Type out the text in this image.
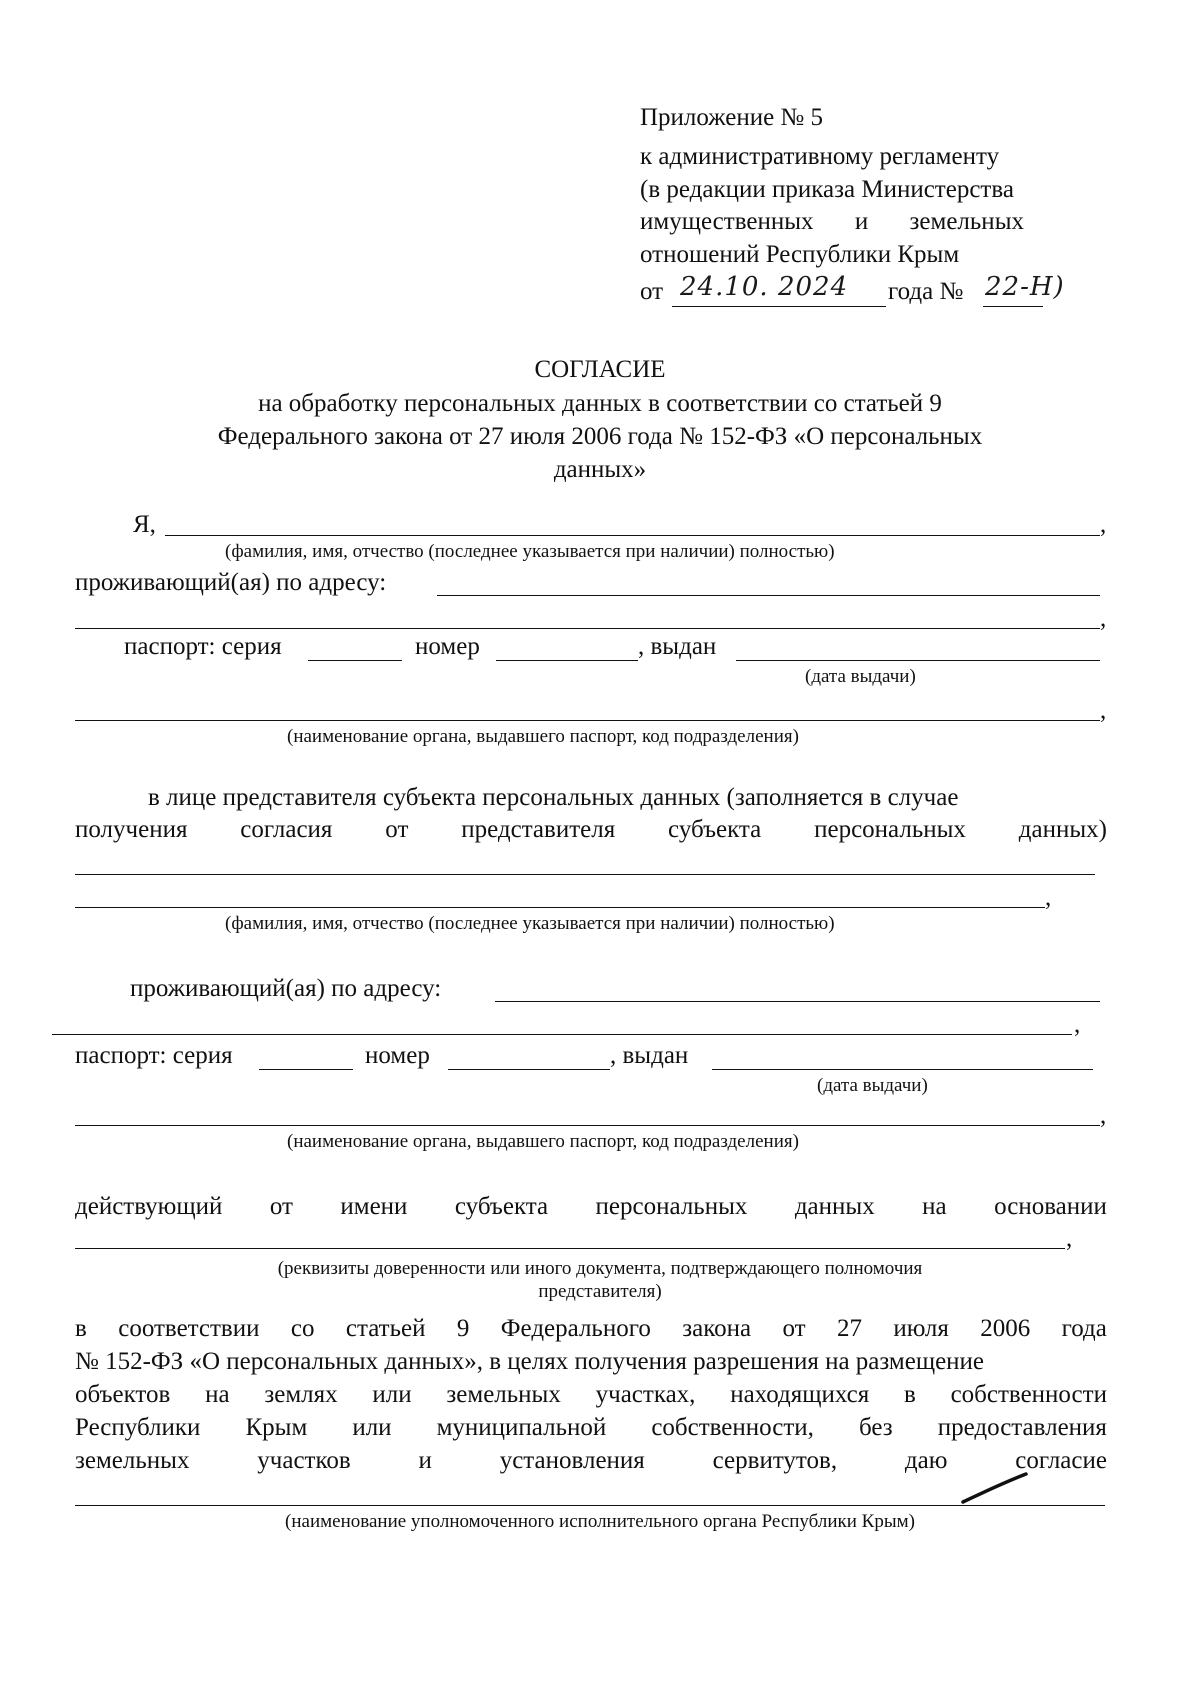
Приложение № 5
к административному регламенту
(в редакции приказа Министерства
имущественных и земельных
отношений Республики Крым
от 24.10. 2024 года № 22-Н)
СОГЛАСИЕ
на обработку персональных данных в соответствии со статьей 9
Федерального закона от 27 июля 2006 года № 152-ФЗ «О персональных
данных»
Я,	,
(фамилия, имя, отчество (последнее указывается при наличии) полностью)
проживающий(ая) по адресу:
,
паспорт: серия	номер	, выдан
(дата выдачи)
,
(наименование органа, выдавшего паспорт, код подразделения)
в лице представителя субъекта персональных данных (заполняется в случае
получения согласия от представителя субъекта персональных данных)
,
(фамилия, имя, отчество (последнее указывается при наличии) полностью)
проживающий(ая) по адресу:
,
паспорт: серия	номер	, выдан
(дата выдачи)
,
(наименование органа, выдавшего паспорт, код подразделения)
действующий от имени субъекта персональных данных на основании
,
(реквизиты доверенности или иного документа, подтверждающего полномочия
представителя)
в соответствии со статьей 9 Федерального закона от 27 июля 2006 года
№ 152-ФЗ «О персональных данных», в целях получения разрешения на размещение
объектов на землях или земельных участках, находящихся в собственности
Республики Крым или муниципальной собственности, без предоставления
земельных	участков	и	установления	сервитутов,	даю	согласие
(наименование уполномоченного исполнительного органа Республики Крым)
